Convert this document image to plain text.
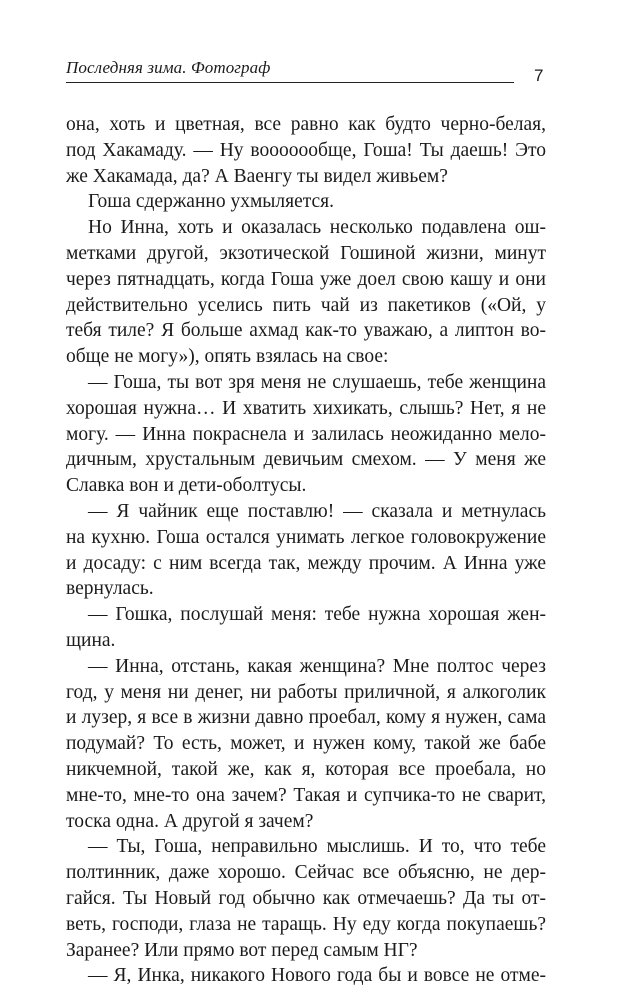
Последняя зима. Фотограф	7
она, хоть и цветная, все равно как будто черно-белая,
под Хакамаду. — Ну вооооообще, Гоша! Ты даешь! Это
же Хакамада, да? А Ваенгу ты видел живьем?
Гоша сдержанно ухмыляется.
Но Инна, хоть и оказалась несколько подавлена ош-
метками другой, экзотической Гошиной жизни, минут
через пятнадцать, когда Гоша уже доел свою кашу и они
действительно уселись пить чай из пакетиков («Ой, у
тебя тиле? Я больше ахмад как-то уважаю, а липтон во-
обще не могу»), опять взялась на свое:
— Гоша, ты вот зря меня не слушаешь, тебе женщина
хорошая нужна… И хватить хихикать, слышь? Нет, я не
могу. — Инна покраснела и залилась неожиданно мело-
дичным, хрустальным девичьим смехом. — У меня же
Славка вон и дети-оболтусы.
— Я чайник еще поставлю! — сказала и метнулась
на кухню. Гоша остался унимать легкое головокружение
и досаду: с ним всегда так, между прочим. А Инна уже
вернулась.
— Гошка, послушай меня: тебе нужна хорошая жен-
щина.
— Инна, отстань, какая женщина? Мне полтос через
год, у меня ни денег, ни работы приличной, я алкоголик
и лузер, я все в жизни давно проебал, кому я нужен, сама
подумай? То есть, может, и нужен кому, такой же бабе
никчемной, такой же, как я, которая все проебала, но
мне-то, мне-то она зачем? Такая и супчика-то не сварит,
тоска одна. А другой я зачем?
— Ты, Гоша, неправильно мыслишь. И то, что тебе
полтинник, даже хорошо. Сейчас все объясню, не дер-
гайся. Ты Новый год обычно как отмечаешь? Да ты от-
веть, господи, глаза не таращь. Ну еду когда покупаешь?
Заранее? Или прямо вот перед самым НГ?
— Я, Инка, никакого Нового года бы и вовсе не отме-
